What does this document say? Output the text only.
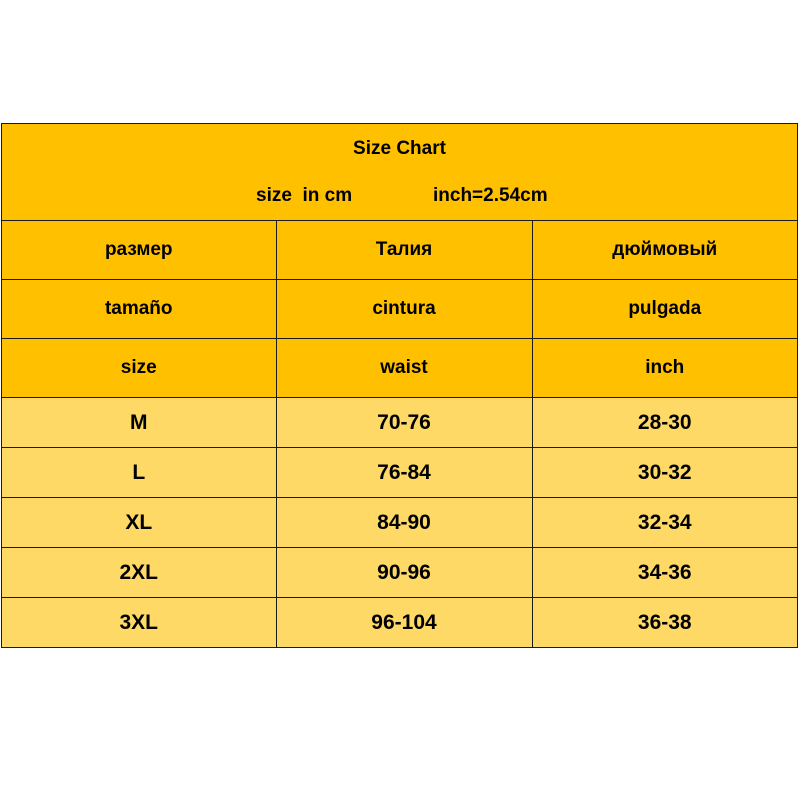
Size Chart
size  in cm	inch=2.54cm
размер	Талия	дюймовый
tamaño	cintura	pulgada
size	waist	inch
M	70-76	28-30
L	76-84	30-32
XL	84-90	32-34
2XL	90-96	34-36
3XL	96-104	36-38
